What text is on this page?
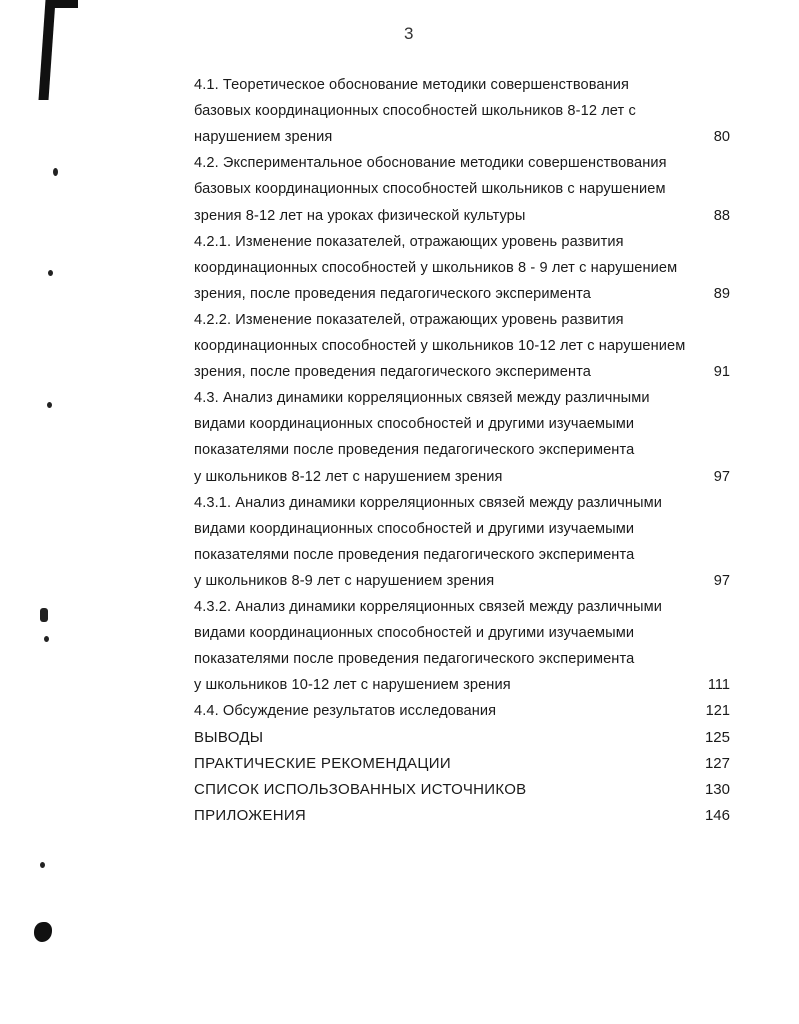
3
4.1. Теоретическое обоснование методики совершенствования
базовых координационных способностей школьников 8-12 лет с
нарушением зрения	80
4.2. Экспериментальное обоснование методики совершенствования
базовых координационных способностей школьников с нарушением
зрения 8-12 лет на уроках физической культуры	88
4.2.1. Изменение показателей, отражающих уровень развития
координационных способностей у школьников 8 - 9 лет с нарушением
зрения, после проведения педагогического эксперимента	89
4.2.2. Изменение показателей, отражающих уровень развития
координационных способностей у школьников 10-12 лет с нарушением
зрения, после проведения педагогического эксперимента	91
4.3. Анализ динамики корреляционных связей между различными
видами координационных способностей и другими изучаемыми
показателями после проведения педагогического эксперимента
у школьников 8-12 лет с нарушением зрения	97
4.3.1. Анализ динамики корреляционных связей между различными
видами координационных способностей и другими изучаемыми
показателями после проведения педагогического эксперимента
у школьников 8-9 лет с нарушением зрения	97
4.3.2. Анализ динамики корреляционных связей между различными
видами координационных способностей и другими изучаемыми
показателями после проведения педагогического эксперимента
у школьников 10-12 лет с нарушением зрения	111
4.4. Обсуждение результатов исследования	121
ВЫВОДЫ	125
ПРАКТИЧЕСКИЕ РЕКОМЕНДАЦИИ	127
СПИСОК ИСПОЛЬЗОВАННЫХ ИСТОЧНИКОВ	130
ПРИЛОЖЕНИЯ	146
